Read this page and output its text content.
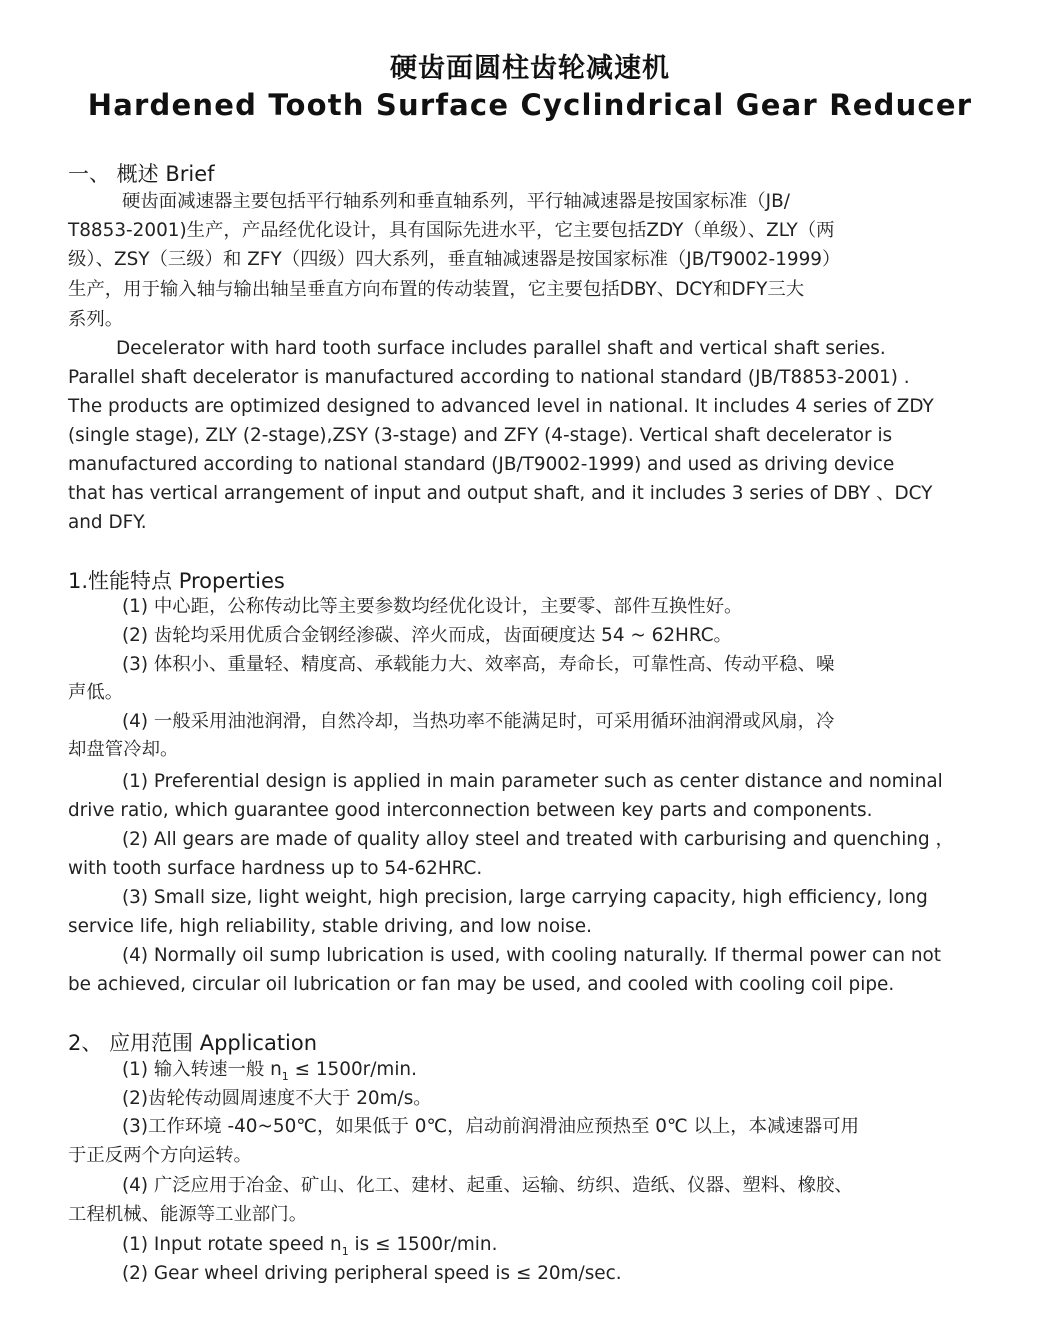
硬齿面圆柱齿轮减速机
Hardened Tooth Surface Cyclindrical Gear Reducer
一、 概述 Brief
硬齿面减速器主要包括平行轴系列和垂直轴系列，平行轴减速器是按国家标准（JB/
T8853-2001)生产，产品经优化设计，具有国际先进水平，它主要包括ZDY（单级）、ZLY（两
级）、ZSY（三级）和 ZFY（四级）四大系列，垂直轴减速器是按国家标准（JB/T9002-1999）
生产，用于输入轴与输出轴呈垂直方向布置的传动装置，它主要包括DBY、DCY和DFY三大
系列。
Decelerator with hard tooth surface includes parallel shaft and vertical shaft series.
Parallel shaft decelerator is manufactured according to national standard (JB/T8853-2001) .
The products are optimized designed to advanced level in national. It includes 4 series of ZDY
(single stage), ZLY (2-stage),ZSY (3-stage) and ZFY (4-stage). Vertical shaft decelerator is
manufactured according to national standard (JB/T9002-1999) and used as driving device
that has vertical arrangement of input and output shaft, and it includes 3 series of DBY 、DCY
and DFY.
1.性能特点 Properties
(1) 中心距，公称传动比等主要参数均经优化设计，主要零、部件互换性好。
(2) 齿轮均采用优质合金钢经渗碳、淬火而成，齿面硬度达 54 ~ 62HRC。
(3) 体积小、重量轻、精度高、承载能力大、效率高，寿命长，可靠性高、传动平稳、噪
声低。
(4) 一般采用油池润滑，自然冷却，当热功率不能满足时，可采用循环油润滑或风扇，冷
却盘管冷却。
(1) Preferential design is applied in main parameter such as center distance and nominal
drive ratio, which guarantee good interconnection between key parts and components.
(2) All gears are made of quality alloy steel and treated with carburising and quenching ，
with tooth surface hardness up to 54-62HRC.
(3) Small size, light weight, high precision, large carrying capacity, high efficiency, long
service life, high reliability, stable driving, and low noise.
(4) Normally oil sump lubrication is used, with cooling naturally. If thermal power can not
be achieved, circular oil lubrication or fan may be used, and cooled with cooling coil pipe.
2、 应用范围 Application
(1) 输入转速一般 $n_1 \le 1500r/\min$.
(2)齿轮传动圆周速度不大于 20m/s。
(3)工作环境 -40~50℃，如果低于 0℃，启动前润滑油应预热至 0℃ 以上，本减速器可用
于正反两个方向运转。
(4) 广泛应用于冶金、矿山、化工、建材、起重、运输、纺织、造纸、仪器、塑料、橡胶、
工程机械、能源等工业部门。
(1) Input rotate speed $n_1$ is ≤ 1500r/min.
(2) Gear wheel driving peripheral speed is ≤ 20m/sec.
